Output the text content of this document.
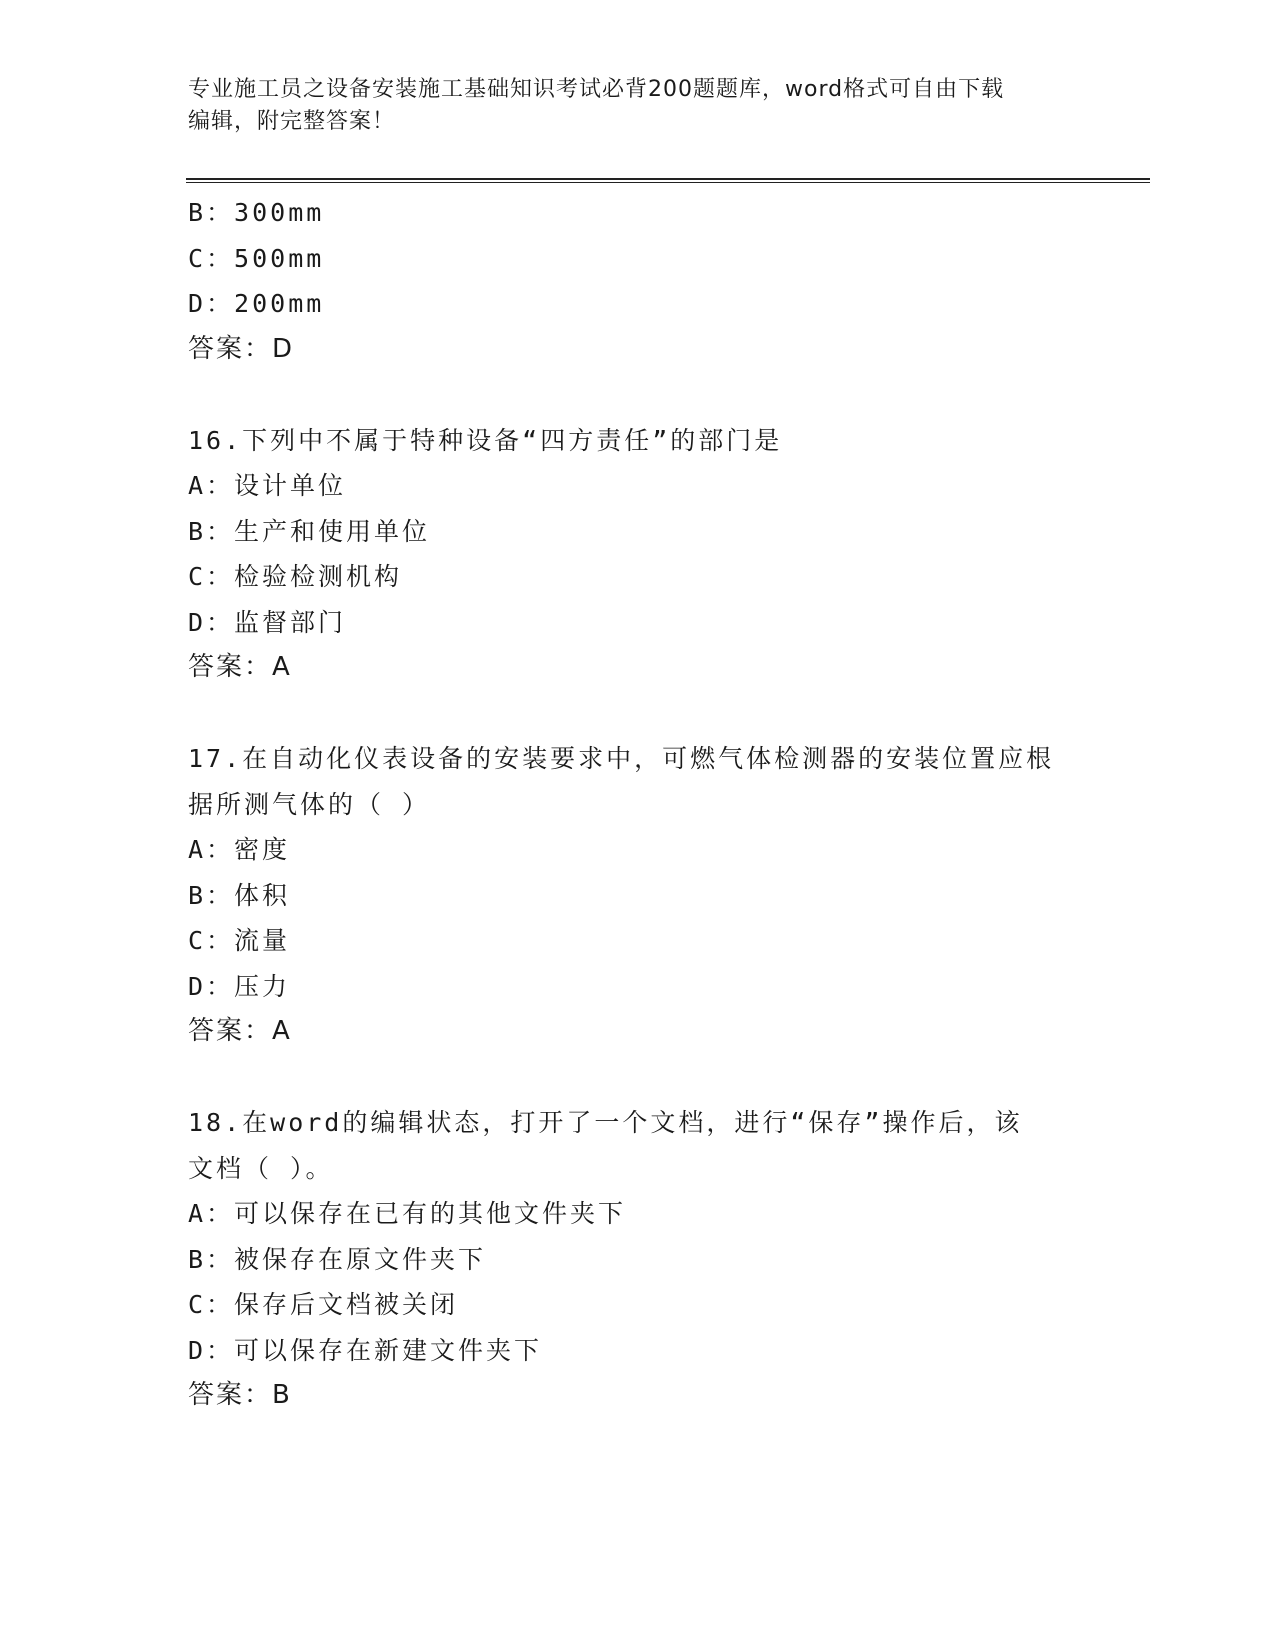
专业施工员之设备安装施工基础知识考试必背200题题库，word格式可自由下载
编辑，附完整答案！
B：300mm
C：500mm
D：200mm
答案：D
16.下列中不属于特种设备“四方责任”的部门是
A：设计单位
B：生产和使用单位
C：检验检测机构
D：监督部门
答案：A
17.在自动化仪表设备的安装要求中，可燃气体检测器的安装位置应根
据所测气体的（ ）
A：密度
B：体积
C：流量
D：压力
答案：A
18.在word的编辑状态，打开了一个文档，进行“保存”操作后，该
文档（ ）。
A：可以保存在已有的其他文件夹下
B：被保存在原文件夹下
C：保存后文档被关闭
D：可以保存在新建文件夹下
答案：B
